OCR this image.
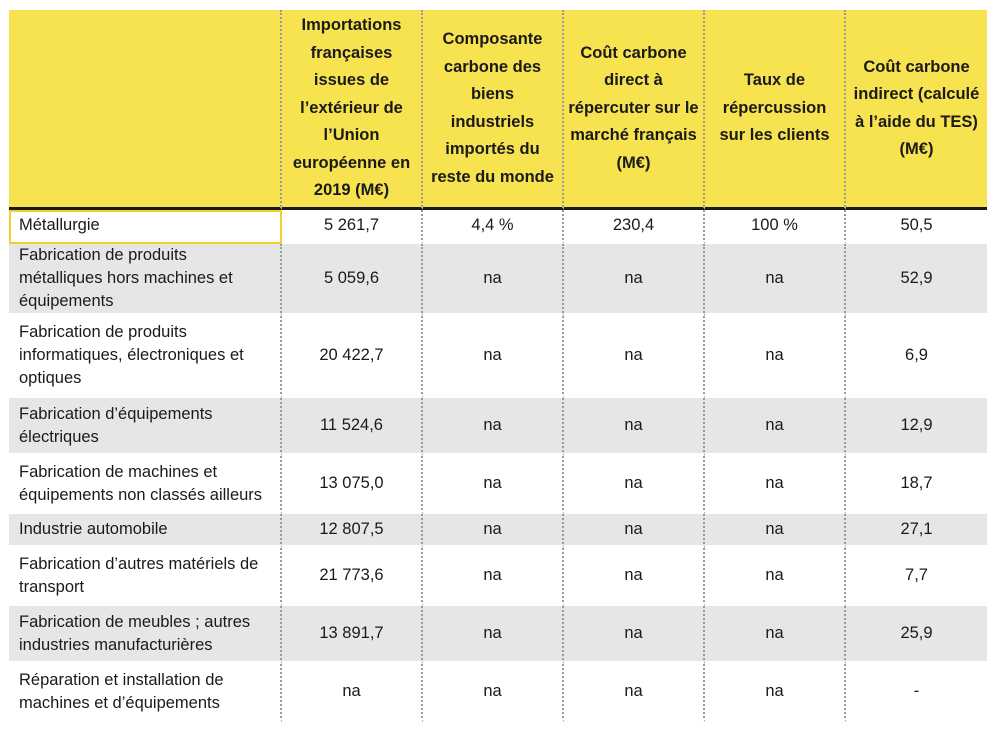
	Importations françaises issues de l’extérieur de l’Union européenne en 2019 (M€)	Composante carbone des biens industriels importés du reste du monde	Coût carbone direct à répercuter sur le marché français (M€)	Taux de répercussion sur les clients	Coût carbone indirect (calculé à l’aide du TES) (M€)
Métallurgie	5 261,7	4,4 %	230,4	100 %	50,5
Fabrication de produits métalliques hors machines et équipements	5 059,6	na	na	na	52,9
Fabrication de produits informatiques, électroniques et optiques	20 422,7	na	na	na	6,9
Fabrication d’équipements électriques	11 524,6	na	na	na	12,9
Fabrication de machines et équipements non classés ailleurs	13 075,0	na	na	na	18,7
Industrie automobile	12 807,5	na	na	na	27,1
Fabrication d’autres matériels de transport	21 773,6	na	na	na	7,7
Fabrication de meubles ; autres industries manufacturières	13 891,7	na	na	na	25,9
Réparation et installation de machines et d’équipements	na	na	na	na	-
